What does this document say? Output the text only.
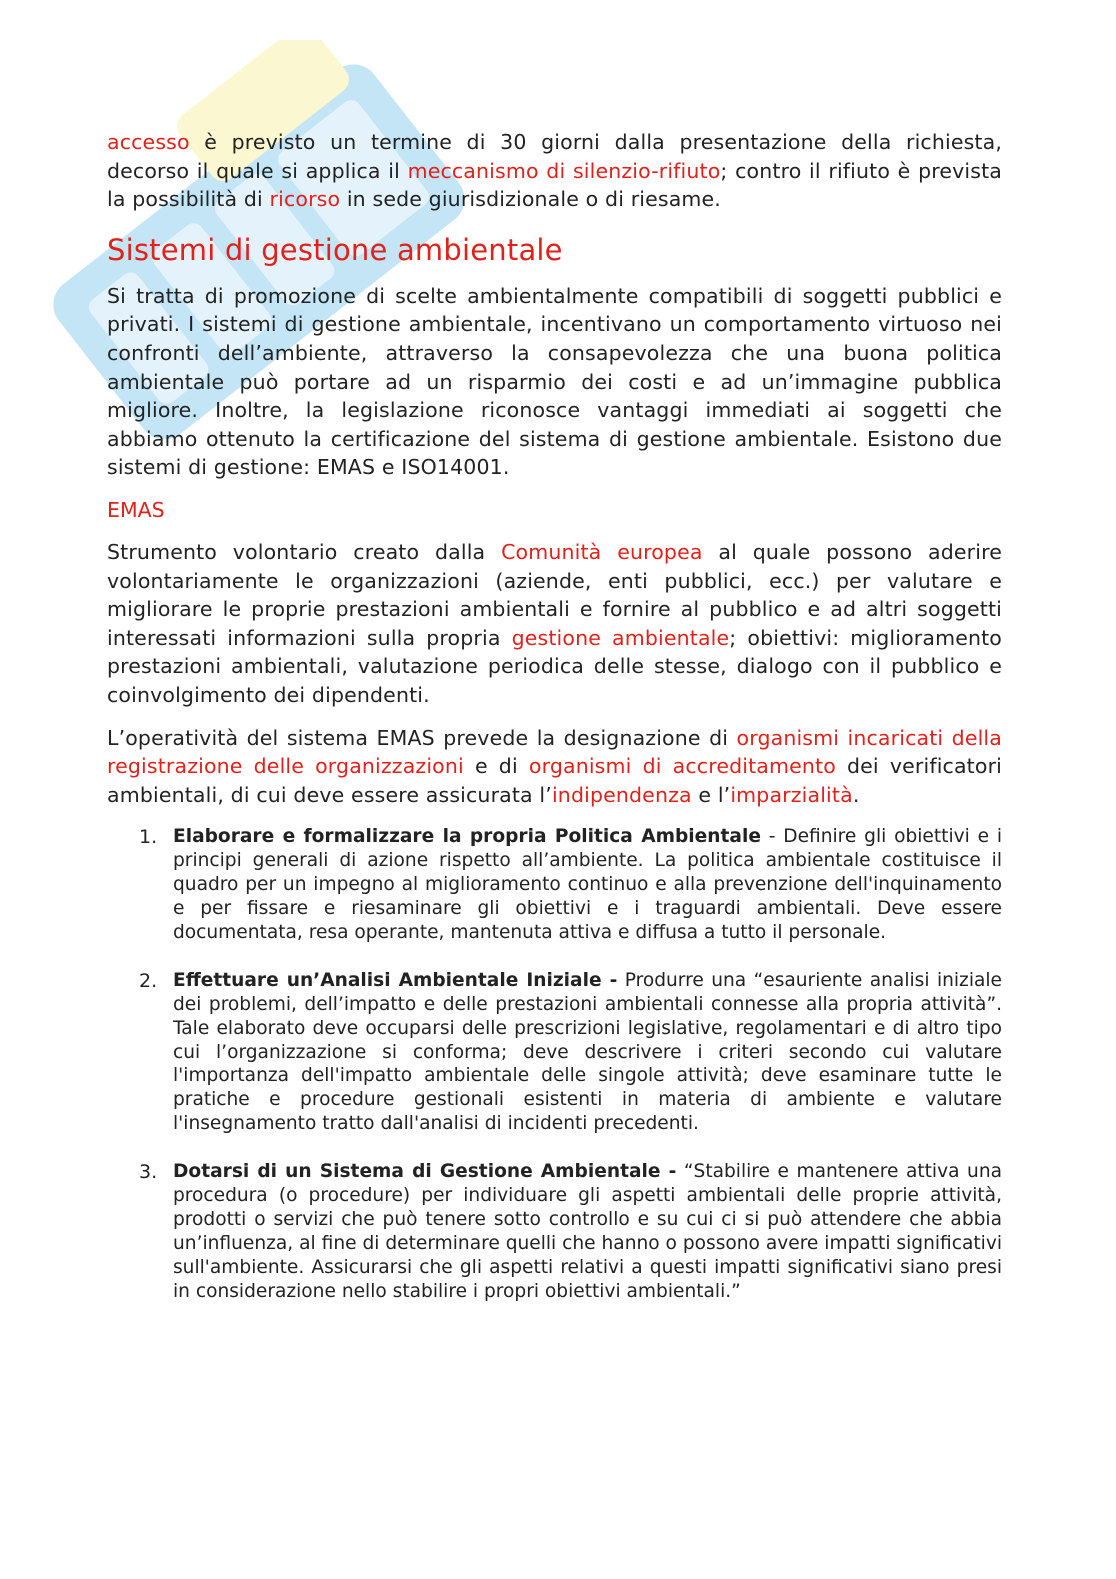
accesso è previsto un termine di 30 giorni dalla presentazione della richiesta, decorso il quale si applica il meccanismo di silenzio-rifiuto; contro il rifiuto è prevista la possibilità di ricorso in sede giurisdizionale o di riesame.

Sistemi di gestione ambientale

Si tratta di promozione di scelte ambientalmente compatibili di soggetti pubblici e privati. I sistemi di gestione ambientale, incentivano un comportamento virtuoso nei confronti dell’ambiente, attraverso la consapevolezza che una buona politica ambientale può portare ad un risparmio dei costi e ad un’immagine pubblica migliore. Inoltre, la legislazione riconosce vantaggi immediati ai soggetti che abbiamo ottenuto la certificazione del sistema di gestione ambientale. Esistono due sistemi di gestione: EMAS e ISO14001.

EMAS

Strumento volontario creato dalla Comunità europea al quale possono aderire volontariamente le organizzazioni (aziende, enti pubblici, ecc.) per valutare e migliorare le proprie prestazioni ambientali e fornire al pubblico e ad altri soggetti interessati informazioni sulla propria gestione ambientale; obiettivi: miglioramento prestazioni ambientali, valutazione periodica delle stesse, dialogo con il pubblico e coinvolgimento dei dipendenti.

L’operatività del sistema EMAS prevede la designazione di organismi incaricati della registrazione delle organizzazioni e di organismi di accreditamento dei verificatori ambientali, di cui deve essere assicurata l’indipendenza e l’imparzialità.

1. Elaborare e formalizzare la propria Politica Ambientale - Definire gli obiettivi e i principi generali di azione rispetto all’ambiente. La politica ambientale costituisce il quadro per un impegno al miglioramento continuo e alla prevenzione dell'inquinamento e per fissare e riesaminare gli obiettivi e i traguardi ambientali. Deve essere documentata, resa operante, mantenuta attiva e diffusa a tutto il personale.
2. Effettuare un’Analisi Ambientale Iniziale - Produrre una “esauriente analisi iniziale dei problemi, dell’impatto e delle prestazioni ambientali connesse alla propria attività”. Tale elaborato deve occuparsi delle prescrizioni legislative, regolamentari e di altro tipo cui l’organizzazione si conforma; deve descrivere i criteri secondo cui valutare l'importanza dell'impatto ambientale delle singole attività; deve esaminare tutte le pratiche e procedure gestionali esistenti in materia di ambiente e valutare l'insegnamento tratto dall'analisi di incidenti precedenti.
3. Dotarsi di un Sistema di Gestione Ambientale - “Stabilire e mantenere attiva una procedura (o procedure) per individuare gli aspetti ambientali delle proprie attività, prodotti o servizi che può tenere sotto controllo e su cui ci si può attendere che abbia un’influenza, al fine di determinare quelli che hanno o possono avere impatti significativi sull'ambiente. Assicurarsi che gli aspetti relativi a questi impatti significativi siano presi in considerazione nello stabilire i propri obiettivi ambientali.”
